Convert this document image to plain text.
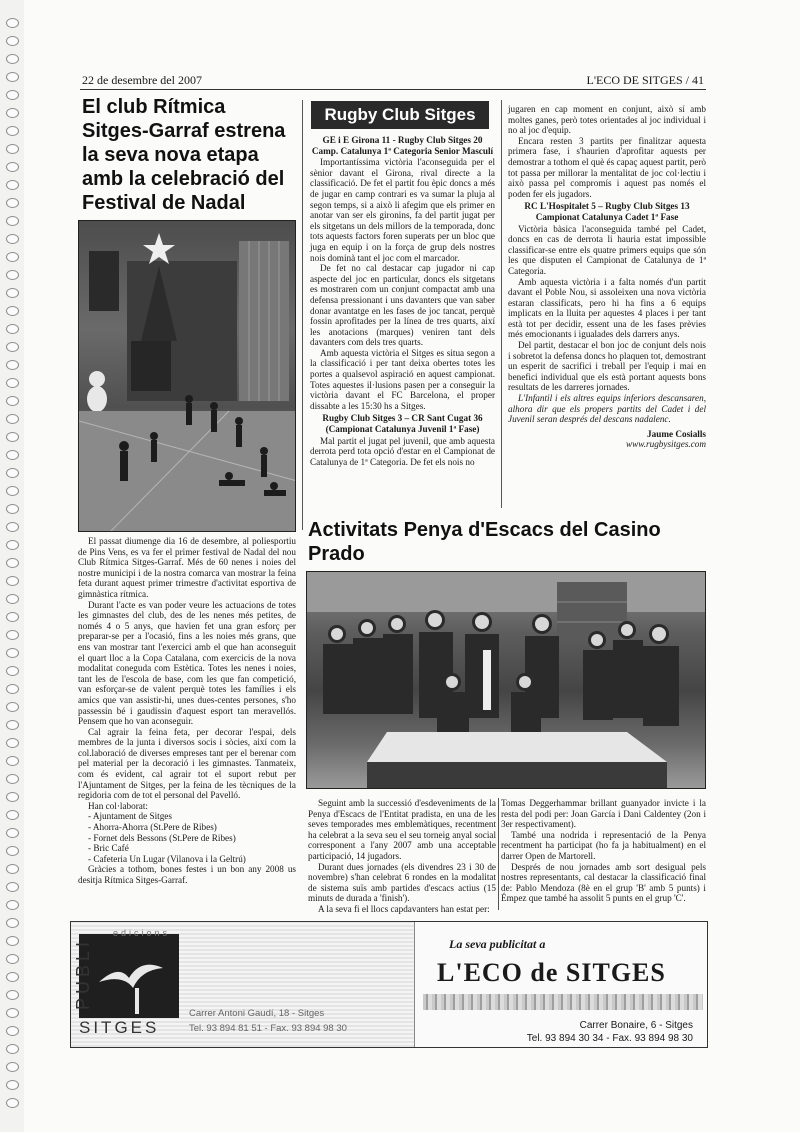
22 de desembre del 2007	L'ECO DE SITGES / 41
El club Rítmica Sitges-Garraf estrena la seva nova etapa amb la celebració del Festival de Nadal

El passat diumenge dia 16 de desembre, al poliesportiu de Pins Vens, es va fer el primer festival de Nadal del nou Club Rítmica Sitges-Garraf. Més de 60 nenes i noies del nostre municipi i de la nostra comarca van mostrar la feina feta durant aquest primer trimestre d'activitat esportiva de gimnàstica rítmica.

Durant l'acte es van poder veure les actuacions de totes les gimnastes del club, des de les nenes més petites, de només 4 o 5 anys, que havien fet una gran esforç per preparar-se per a l'ocasió, fins a les noies més grans, que ens van mostrar tant l'exercici amb el que han aconseguit el quart lloc a la Copa Catalana, com exercicis de la nova modalitat coneguda com Estètica. Totes les nenes i noies, tant les de l'escola de base, com les que fan competició, van esforçar-se de valent perquè totes les famílies i els amics que van assistir-hi, unes dues-centes persones, s'ho passessin bé i gaudissin d'aquest esport tan meravellós. Pensem que ho van aconseguir.

Cal agrair la feina feta, per decorar l'espai, dels membres de la junta i diversos socis i sòcies, així com la col.laboració de diverses empreses tant per el berenar com pel material per la decoració i les gimnastes. Tanmateix, com és evident, cal agrair tot el suport rebut per l'Ajuntament de Sitges, per la feina de les tècniques de la regidoria com de tot el personal del Pavelló.

Han col·laborat:

- Ajuntament de Sitges
- Ahorra-Ahorra (St.Pere de Ribes)
- Fornet dels Bessons (St.Pere de Ribes)
- Bric Café
- Cafeteria Un Lugar (Vilanova i la Geltrú)

Gràcies a tothom, bones festes i un bon any 2008 us desitja Rítmica Sitges-Garraf.

Rugby Club Sitges
GE i E Girona 11 - Rugby Club Sitges 20 Camp. Catalunya 1ª Categoria Senior Masculí

Importantíssima victòria l'aconseguida per el sènior davant el Girona, rival directe a la classificació. De fet el partit fou èpic doncs a més de jugar en camp contrari es va sumar la pluja al segon temps, si a això li afegim que els primer en anotar van ser els gironins, fa del partit jugat per els sitgetans un dels millors de la temporada, donc tots aquests factors foren superats per un bloc que juga en equip i on la força de grup dels nostres nois dominà tant el joc com el marcador.

De fet no cal destacar cap jugador ni cap aspecte del joc en particular, doncs els sitgetans es mostraren com un conjunt compactat amb una defensa pressionant i uns davanters que van saber donar avantatge en les fases de joc tancat, perquè fossin aprofitades per la línea de tres quarts, així les anotacions (marques) veniren tant dels davanters com dels tres quarts.

Amb aquesta victòria el Sitges es situa segon a la classificació i per tant deixa obertes totes les portes a qualsevol aspiració en aquest campionat. Totes aquestes il·lusions pasen per a conseguir la victòria davant el FC Barcelona, el proper dissabte a les 15:30 hs a Sitges.

Rugby Club Sitges 3 – CR Sant Cugat 36 (Campionat Catalunya Juvenil 1ª Fase)

Mal partit el jugat pel juvenil, que amb aquesta derrota perd tota opció d'estar en el Campionat de Catalunya de 1ª Categoria. De fet els nois no

jugaren en cap moment en conjunt, això sí amb moltes ganes, però totes orientades al joc individual i no al joc d'equip.

Encara resten 3 partits per finalitzar aquesta primera fase, i s'haurien d'aprofitar aquests per demostrar a tothom el què és capaç aquest partit, però tot passa per millorar la mentalitat de joc col·lectiu i això passa pel compromís i aquest pas només el poden fer els jugadors.

RC L'Hospitalet 5 – Rugby Club Sitges 13 Campionat Catalunya Cadet 1ª Fase

Victòria bàsica l'aconseguida també pel Cadet, doncs en cas de derrota li hauria estat impossible classificar-se entre els quatre primers equips que són les que disputen el Campionat de Catalunya de 1ª Categoria.

Amb aquesta victòria i a falta només d'un partit davant el Poble Nou, si assoleixen una nova victòria estaran classificats, pero hi ha fins a 6 equips implicats en la lluita per aquestes 4 places i per tant està tot per decidir, essent una de les fases prèvies més emocionants i igualades dels darrers anys.

Del partit, destacar el bon joc de conjunt dels nois i sobretot la defensa doncs ho plaquen tot, demostrant un esperit de sacrifici i treball per l'equip i mai en benefici individual que els està portant aquests bons resultats de les darreres jornades.

L'Infantil i els altres equips inferiors descansaren, alhora dir que els propers partits del Cadet i del Juvenil seran després del descans nadalenc.

Jaume Cosialls
www.rugbysitges.com
Activitats Penya d'Escacs del Casino Prado

Seguint amb la successió d'esdeveniments de la Penya d'Escacs de l'Entitat pradista, en una de les seves temporades mes emblemàtiques, recentment ha celebrat a la seva seu el seu torneig anyal social corresponent a l'any 2007 amb una acceptable participació, 14 jugadors.

Durant dues jornades (els divendres 23 i 30 de novembre) s'han celebrat 6 rondes en la modalitat de sistema suïs amb partides d'escacs actius (15 minuts de durada a 'finish').

A la seva fi el llocs capdavanters han estat per:

Tomas Deggerhammar brillant guanyador invicte i la resta del podi per: Joan García i Dani Caldentey (2on i 3er respectivament).

També una nodrida i representació de la Penya recentment ha participat (ho fa ja habitualment) en el darrer Open de Martorell.

Després de nou jornades amb sort desigual pels nostres representants, cal destacar la classificació final de: Pablo Mendoza (8è en el grup 'B' amb 5 punts) i Émpez que també ha assolit 5 punts en el grup 'C'.

edicions
PUBLI
SITGES
Carrer Antoni Gaudí, 18 - Sitges
Tel. 93 894 81 51 - Fax. 93 894 98 30
La seva publicitat a
L'ECO de SITGES
Carrer Bonaire, 6 - Sitges
Tel. 93 894 30 34 - Fax. 93 894 98 30
